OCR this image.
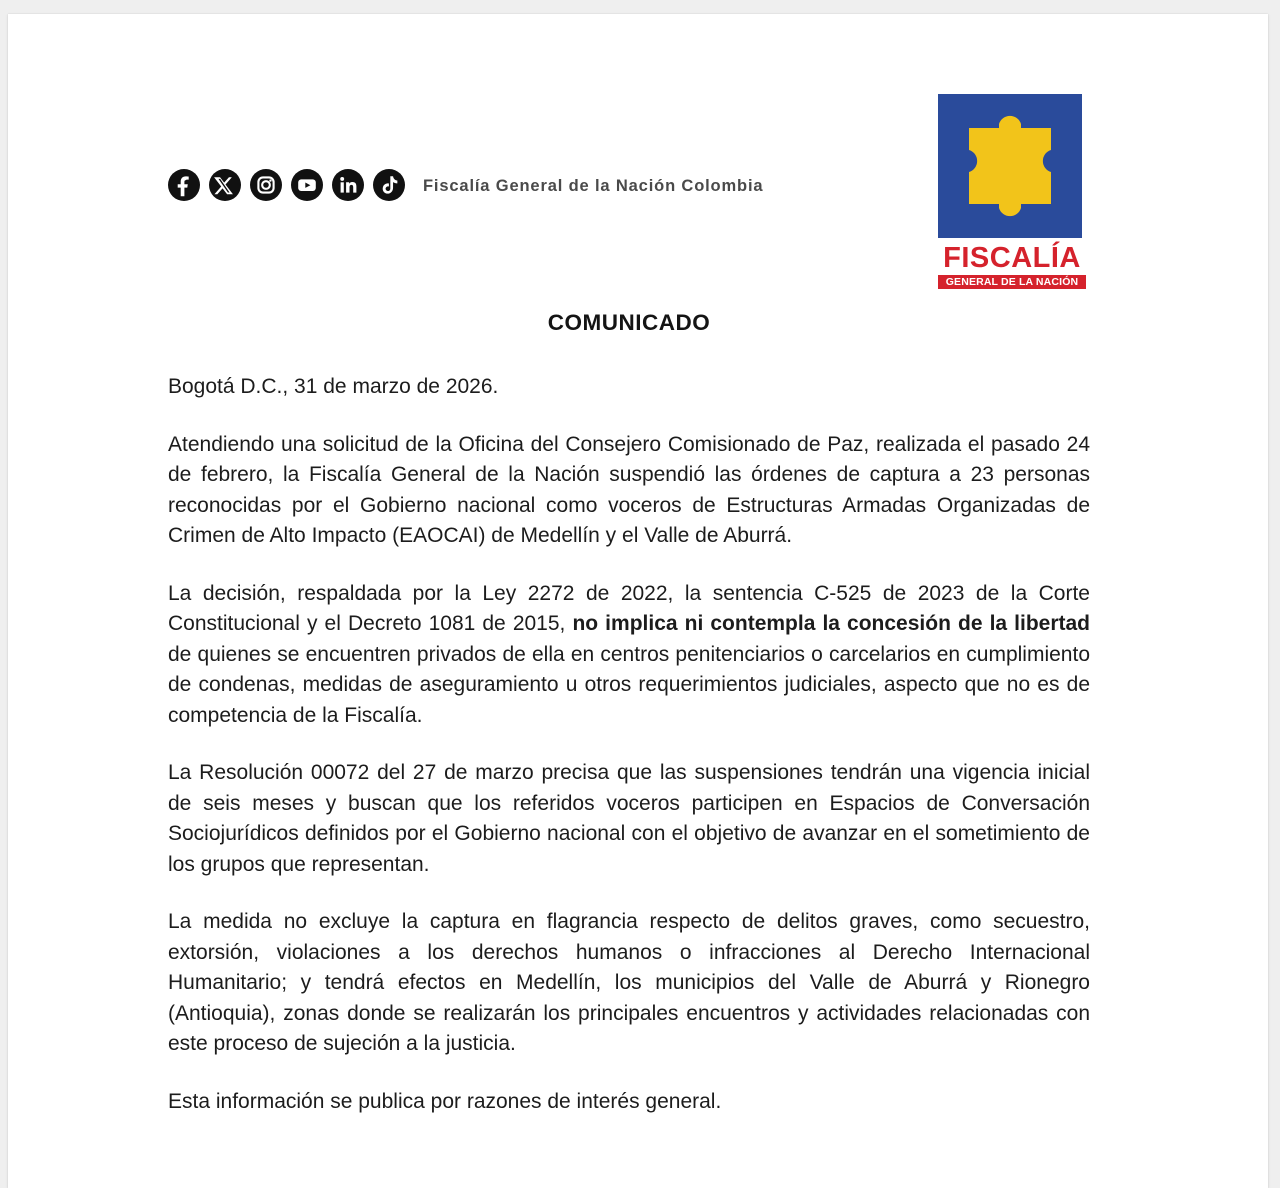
Fiscalía General de la Nación Colombia
FISCALÍA
GENERAL DE LA NACIÓN
COMUNICADO

Bogotá D.C., 31 de marzo de 2026.

Atendiendo una solicitud de la Oficina del Consejero Comisionado de Paz, realizada el pasado 24 de febrero, la Fiscalía General de la Nación suspendió las órdenes de captura a 23 personas reconocidas por el Gobierno nacional como voceros de Estructuras Armadas Organizadas de Crimen de Alto Impacto (EAOCAI) de Medellín y el Valle de Aburrá.

La decisión, respaldada por la Ley 2272 de 2022, la sentencia C-525 de 2023 de la Corte Constitucional y el Decreto 1081 de 2015, no implica ni contempla la concesión de la libertad de quienes se encuentren privados de ella en centros penitenciarios o carcelarios en cumplimiento de condenas, medidas de aseguramiento u otros requerimientos judiciales, aspecto que no es de competencia de la Fiscalía.

La Resolución 00072 del 27 de marzo precisa que las suspensiones tendrán una vigencia inicial de seis meses y buscan que los referidos voceros participen en Espacios de Conversación Sociojurídicos definidos por el Gobierno nacional con el objetivo de avanzar en el sometimiento de los grupos que representan.

La medida no excluye la captura en flagrancia respecto de delitos graves, como secuestro, extorsión, violaciones a los derechos humanos o infracciones al Derecho Internacional Humanitario; y tendrá efectos en Medellín, los municipios del Valle de Aburrá y Rionegro (Antioquia), zonas donde se realizarán los principales encuentros y actividades relacionadas con este proceso de sujeción a la justicia.

Esta información se publica por razones de interés general.
